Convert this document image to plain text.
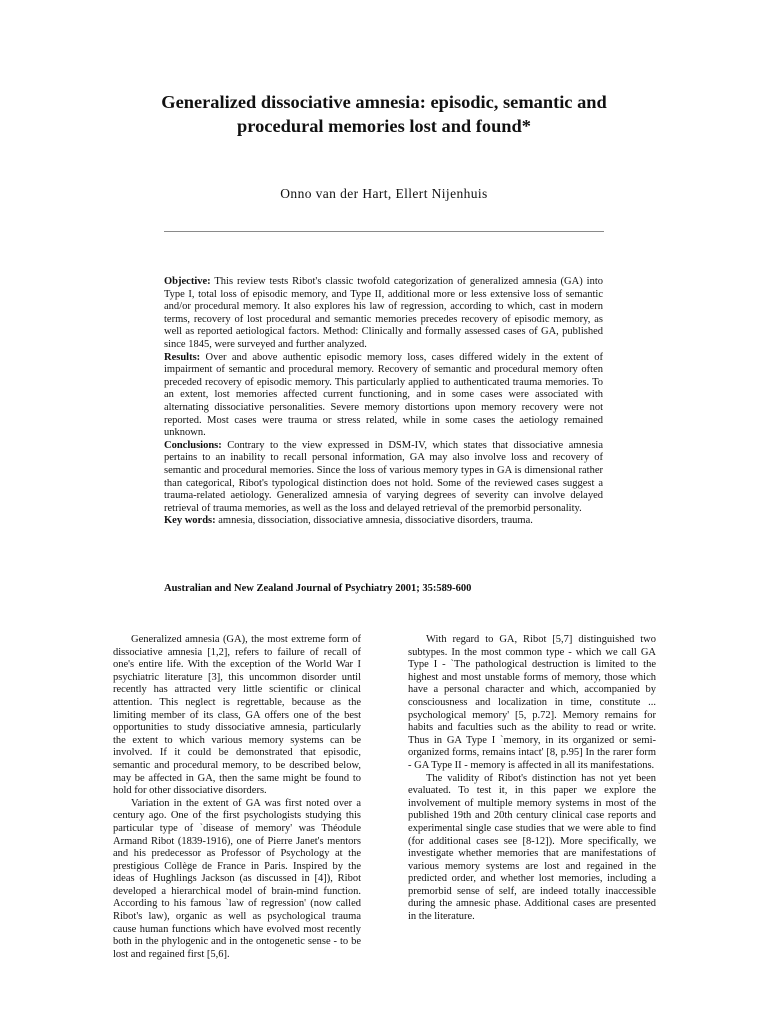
Generalized dissociative amnesia: episodic, semantic and procedural memories lost and found*
Onno van der Hart, Ellert Nijenhuis

Objective: This review tests Ribot's classic twofold categorization of generalized amnesia (GA) into Type I, total loss of episodic memory, and Type II, additional more or less extensive loss of semantic and/or procedural memory. It also explores his law of regression, according to which, cast in modern terms, recovery of lost procedural and semantic memories precedes recovery of episodic memory, as well as reported aetiological factors. Method: Clinically and formally assessed cases of GA, published since 1845, were surveyed and further analyzed.

Results: Over and above authentic episodic memory loss, cases differed widely in the extent of impairment of semantic and procedural memory. Recovery of semantic and procedural memory often preceded recovery of episodic memory. This particularly applied to authenticated trauma memories. To an extent, lost memories affected current functioning, and in some cases were associated with alternating dissociative personalities. Severe memory distortions upon memory recovery were not reported. Most cases were trauma or stress related, while in some cases the aetiology remained unknown.

Conclusions: Contrary to the view expressed in DSM-IV, which states that dissociative amnesia pertains to an inability to recall personal information, GA may also involve loss and recovery of semantic and procedural memories. Since the loss of various memory types in GA is dimensional rather than categorical, Ribot's typological distinction does not hold. Some of the reviewed cases suggest a trauma-related aetiology. Generalized amnesia of varying degrees of severity can involve delayed retrieval of trauma memories, as well as the loss and delayed retrieval of the premorbid personality.

Key words: amnesia, dissociation, dissociative amnesia, dissociative disorders, trauma.

Australian and New Zealand Journal of Psychiatry 2001; 35:589-600

Generalized amnesia (GA), the most extreme form of dissociative amnesia [1,2], refers to failure of recall of one's entire life. With the exception of the World War I psychiatric literature [3], this uncommon disorder until recently has attracted very little scientific or clinical attention. This neglect is regrettable, because as the limiting member of its class, GA offers one of the best opportunities to study dissociative amnesia, particularly the extent to which various memory systems can be involved. If it could be demonstrated that episodic, semantic and procedural memory, to be described below, may be affected in GA, then the same might be found to hold for other dissociative disorders.

Variation in the extent of GA was first noted over a century ago. One of the first psychologists studying this particular type of `disease of memory' was Théodule Armand Ribot (1839-1916), one of Pierre Janet's mentors and his predecessor as Professor of Psychology at the prestigious Collège de France in Paris. Inspired by the ideas of Hughlings Jackson (as discussed in [4]), Ribot developed a hierarchical model of brain-mind function. According to his famous `law of regression' (now called Ribot's law), organic as well as psychological trauma cause human functions which have evolved most recently both in the phylogenic and in the ontogenetic sense - to be lost and regained first [5,6].

With regard to GA, Ribot [5,7] distinguished two subtypes. In the most common type - which we call GA Type I - `The pathological destruction is limited to the highest and most unstable forms of memory, those which have a personal character and which, accompanied by consciousness and localization in time, constitute ... psychological memory' [5, p.72]. Memory remains for habits and faculties such as the ability to read or write. Thus in GA Type I `memory, in its organized or semi-organized forms, remains intact' [8, p.95] In the rarer form - GA Type II - memory is affected in all its manifestations.

The validity of Ribot's distinction has not yet been evaluated. To test it, in this paper we explore the involvement of multiple memory systems in most of the published 19th and 20th century clinical case reports and experimental single case studies that we were able to find (for additional cases see [8-12]). More specifically, we investigate whether memories that are manifestations of various memory systems are lost and regained in the predicted order, and whether lost memories, including a premorbid sense of self, are indeed totally inaccessible during the amnesic phase. Additional cases are presented in the literature.
